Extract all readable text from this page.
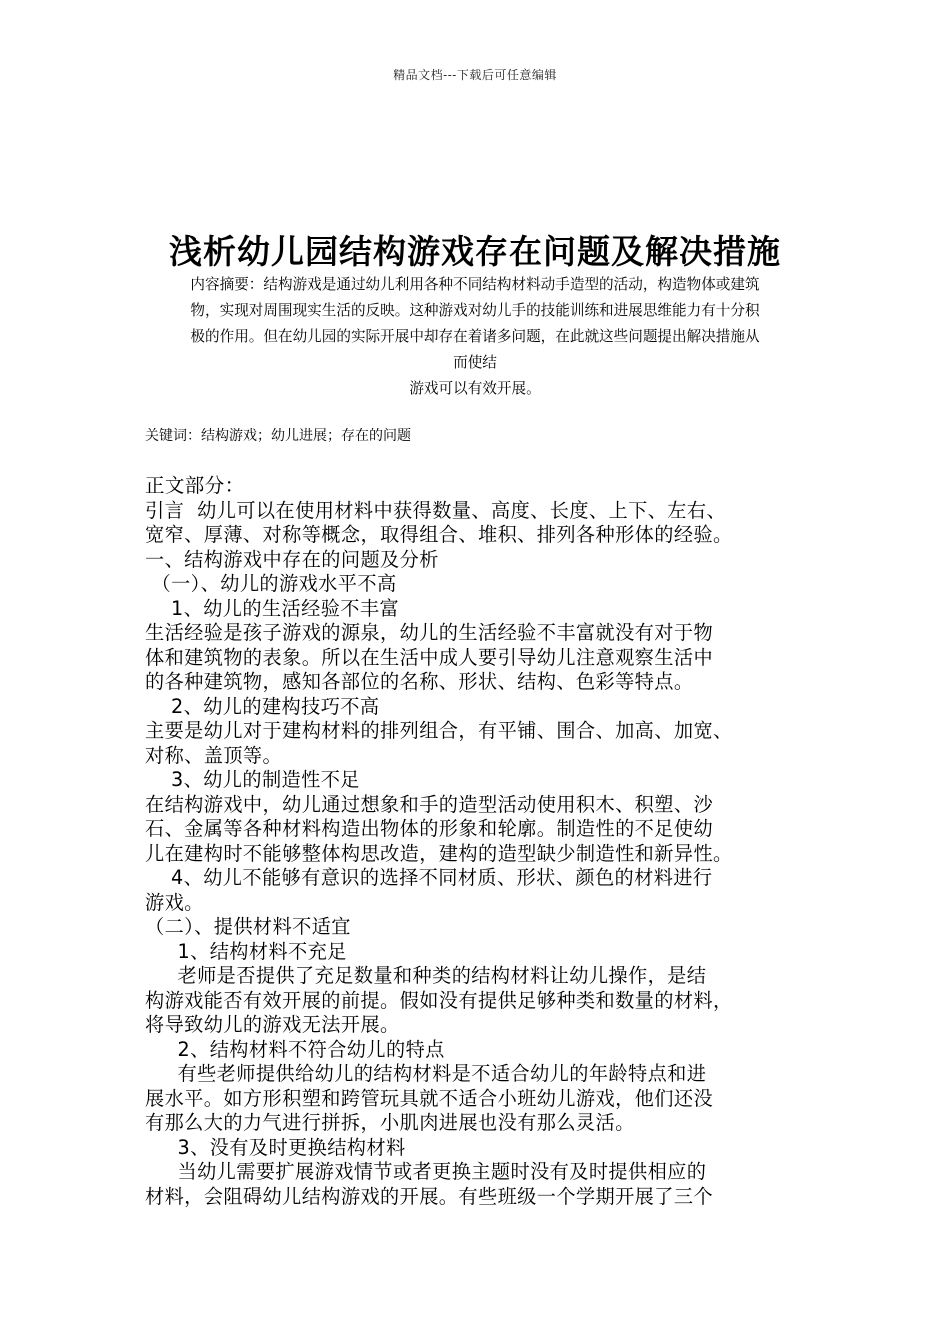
精品文档---下载后可任意编辑
浅析幼儿园结构游戏存在问题及解决措施

内容摘要：结构游戏是通过幼儿利用各种不同结构材料动手造型的活动，构造物体或建筑

物，实现对周围现实生活的反映。这种游戏对幼儿手的技能训练和进展思维能力有十分积

极的作用。但在幼儿园的实际开展中却存在着诸多问题，在此就这些问题提出解决措施从

而使结

游戏可以有效开展。

关键词：结构游戏；幼儿进展；存在的问题
正文部分：
引言  幼儿可以在使用材料中获得数量、高度、长度、上下、左右、
宽窄、厚薄、对称等概念，取得组合、堆积、排列各种形体的经验。
一、结构游戏中存在的问题及分析
（一）、幼儿的游戏水平不高
1、幼儿的生活经验不丰富
生活经验是孩子游戏的源泉，幼儿的生活经验不丰富就没有对于物
体和建筑物的表象。所以在生活中成人要引导幼儿注意观察生活中
的各种建筑物，感知各部位的名称、形状、结构、色彩等特点。
2、幼儿的建构技巧不高
主要是幼儿对于建构材料的排列组合，有平铺、围合、加高、加宽、
对称、盖顶等。
3、幼儿的制造性不足
在结构游戏中，幼儿通过想象和手的造型活动使用积木、积塑、沙
石、金属等各种材料构造出物体的形象和轮廓。制造性的不足使幼
儿在建构时不能够整体构思改造，建构的造型缺少制造性和新异性。
4、幼儿不能够有意识的选择不同材质、形状、颜色的材料进行
游戏。
（二）、提供材料不适宜
1、结构材料不充足
老师是否提供了充足数量和种类的结构材料让幼儿操作，是结
构游戏能否有效开展的前提。假如没有提供足够种类和数量的材料，
将导致幼儿的游戏无法开展。
2、结构材料不符合幼儿的特点
有些老师提供给幼儿的结构材料是不适合幼儿的年龄特点和进
展水平。如方形积塑和跨管玩具就不适合小班幼儿游戏，他们还没
有那么大的力气进行拼拆，小肌肉进展也没有那么灵活。
3、没有及时更换结构材料
当幼儿需要扩展游戏情节或者更换主题时没有及时提供相应的
材料，会阻碍幼儿结构游戏的开展。有些班级一个学期开展了三个
